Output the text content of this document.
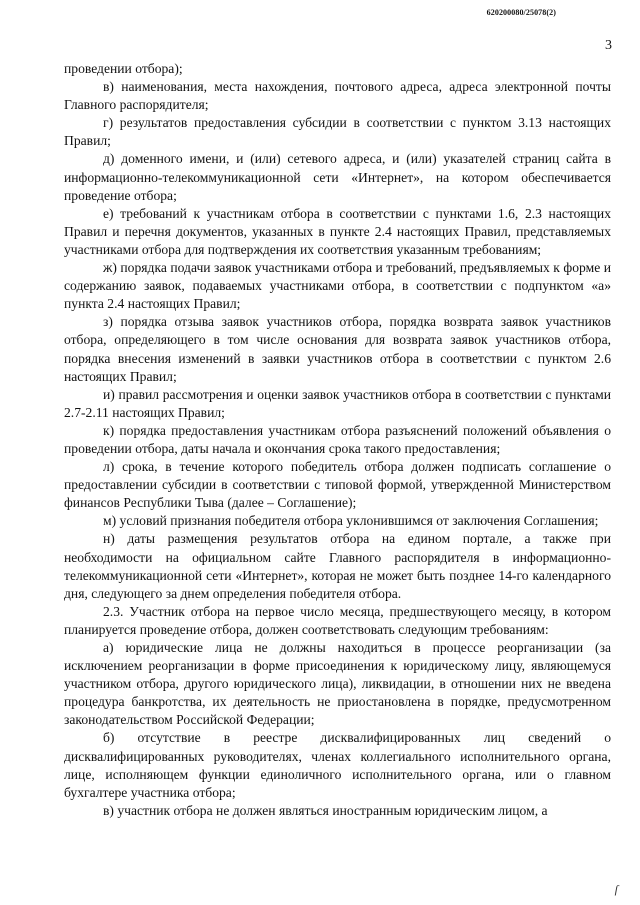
620200080/25078(2)
3

проведении отбора);

в) наименования, места нахождения, почтового адреса, адреса электронной почты Главного распорядителя;

г) результатов предоставления субсидии в соответствии с пунктом 3.13 настоящих Правил;

д) доменного имени, и (или) сетевого адреса, и (или) указателей страниц сайта в информационно-телекоммуникационной сети «Интернет», на котором обеспечивается проведение отбора;

е) требований к участникам отбора в соответствии с пунктами 1.6, 2.3 настоящих Правил и перечня документов, указанных в пункте 2.4 настоящих Правил, представляемых участниками отбора для подтверждения их соответствия указанным требованиям;

ж) порядка подачи заявок участниками отбора и требований, предъявляемых к форме и содержанию заявок, подаваемых участниками отбора, в соответствии с подпунктом «а» пункта 2.4 настоящих Правил;

з) порядка отзыва заявок участников отбора, порядка возврата заявок участников отбора, определяющего в том числе основания для возврата заявок участников отбора, порядка внесения изменений в заявки участников отбора в соответствии с пунктом 2.6 настоящих Правил;

и) правил рассмотрения и оценки заявок участников отбора в соответствии с пунктами 2.7-2.11 настоящих Правил;

к) порядка предоставления участникам отбора разъяснений положений объявления о проведении отбора, даты начала и окончания срока такого предоставления;

л) срока, в течение которого победитель отбора должен подписать соглашение о предоставлении субсидии в соответствии с типовой формой, утвержденной Министерством финансов Республики Тыва (далее – Соглашение);

м) условий признания победителя отбора уклонившимся от заключения Соглашения;

н) даты размещения результатов отбора на едином портале, а также при необходимости на официальном сайте Главного распорядителя в информационно-телекоммуникационной сети «Интернет», которая не может быть позднее 14-го календарного дня, следующего за днем определения победителя отбора.

2.3. Участник отбора на первое число месяца, предшествующего месяцу, в котором планируется проведение отбора, должен соответствовать следующим требованиям:

а) юридические лица не должны находиться в процессе реорганизации (за исключением реорганизации в форме присоединения к юридическому лицу, являющемуся участником отбора, другого юридического лица), ликвидации, в отношении них не введена процедура банкротства, их деятельность не приостановлена в порядке, предусмотренном законодательством Российской Федерации;

б) отсутствие в реестре дисквалифицированных лиц сведений о дисквалифицированных руководителях, членах коллегиального исполнительного органа, лице, исполняющем функции единоличного исполнительного органа, или о главном бухгалтере участника отбора;

в) участник отбора не должен являться иностранным юридическим лицом, а

ſ
